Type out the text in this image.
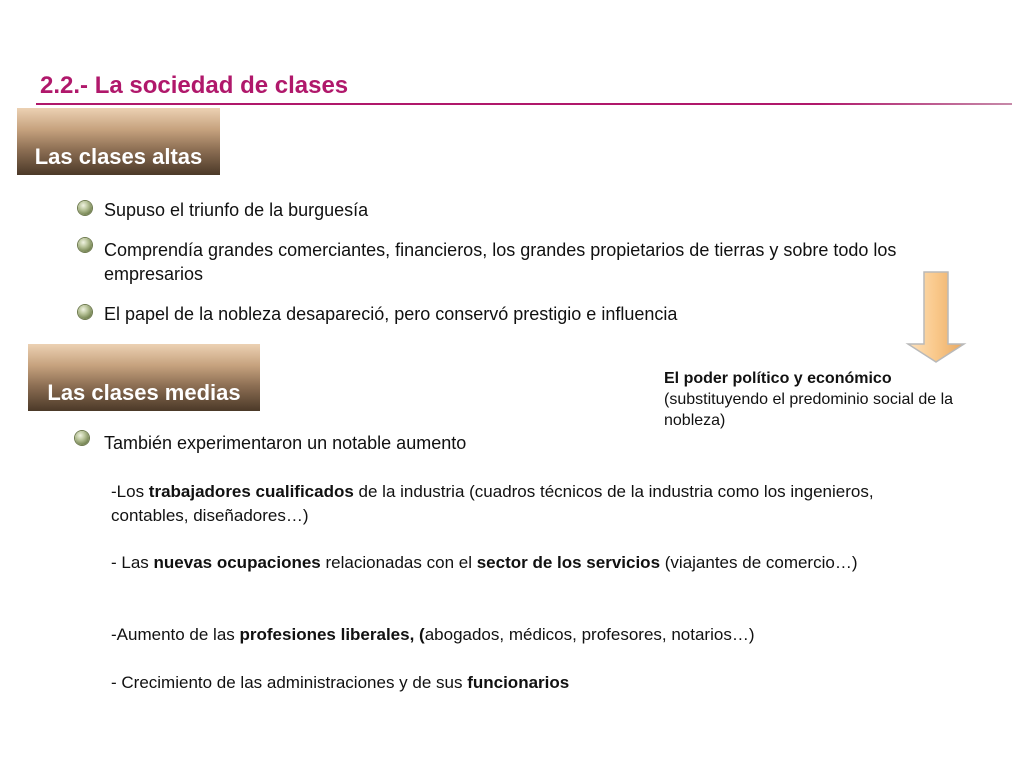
2.2.- La sociedad de clases
Las clases altas
Supuso el triunfo de la burguesía
Comprendía grandes comerciantes, financieros, los grandes propietarios de tierras y sobre todo los empresarios
El papel de la nobleza desapareció, pero conservó prestigio e influencia
El poder político y económico
(substituyendo el predominio social de la nobleza)
Las clases medias
También experimentaron un notable aumento
-Los trabajadores cualificados de la industria (cuadros técnicos de la industria como los ingenieros, contables, diseñadores…)
- Las nuevas ocupaciones relacionadas con el sector de los servicios (viajantes de comercio…)
-Aumento de las profesiones liberales, (abogados, médicos, profesores, notarios…)
- Crecimiento de las administraciones y de sus funcionarios
